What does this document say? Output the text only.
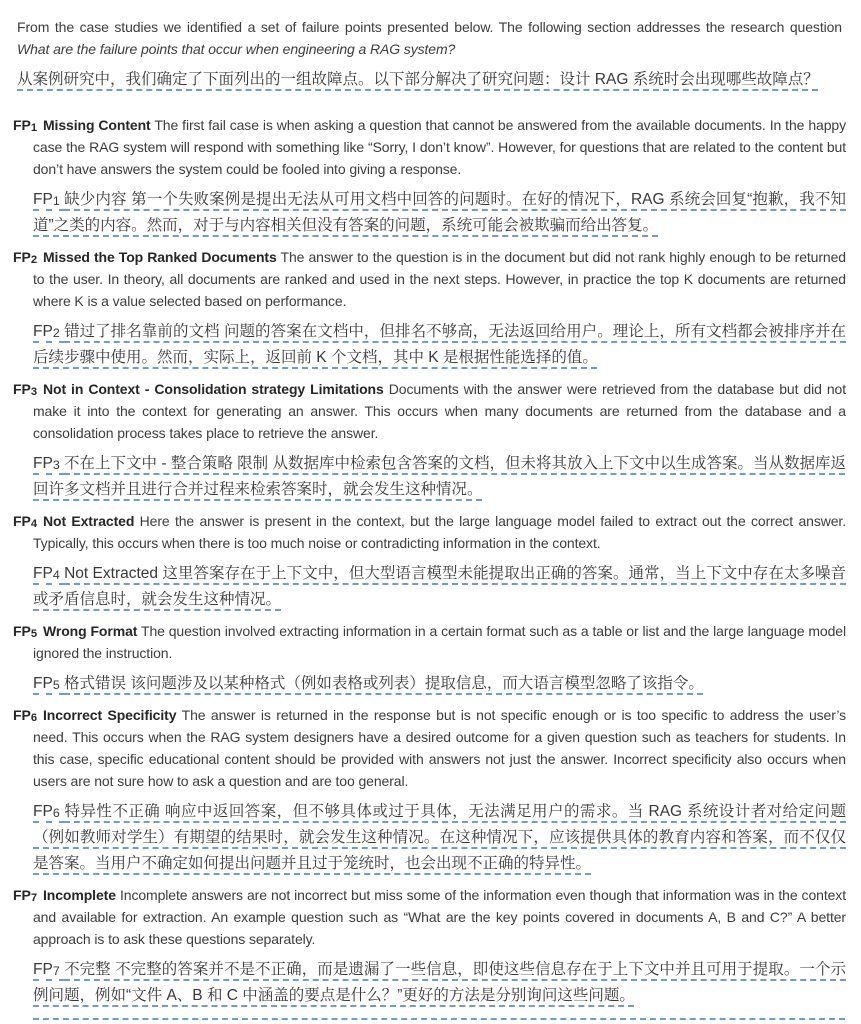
From the case studies we identified a set of failure points presented below. The following section addresses the research question What are the failure points that occur when engineering a RAG system?

从案例研究中，我们确定了下面列出的一组故障点。以下部分解决了研究问题：设计 RAG 系统时会出现哪些故障点？

FP1 Missing Content The first fail case is when asking a question that cannot be answered from the available documents. In the happy case the RAG system will respond with something like “Sorry, I don’t know”. However, for questions that are related to the content but don’t have answers the system could be fooled into giving a response.

FP1 缺少内容 第一个失败案例是提出无法从可用文档中回答的问题时。在好的情况下，RAG 系统会回复“抱歉，我不知道”之类的内容。然而，对于与内容相关但没有答案的问题，系统可能会被欺骗而给出答复。

FP2 Missed the Top Ranked Documents The answer to the question is in the document but did not rank highly enough to be returned to the user. In theory, all documents are ranked and used in the next steps. However, in practice the top K documents are returned where K is a value selected based on performance.

FP2 错过了排名靠前的文档 问题的答案在文档中，但排名不够高，无法返回给用户。理论上，所有文档都会被排序并在后续步骤中使用。然而，实际上，返回前 K 个文档，其中 K 是根据性能选择的值。

FP3 Not in Context - Consolidation strategy Limitations Documents with the answer were retrieved from the database but did not make it into the context for generating an answer. This occurs when many documents are returned from the database and a consolidation process takes place to retrieve the answer.

FP3 不在上下文中 - 整合策略 限制 从数据库中检索包含答案的文档，但未将其放入上下文中以生成答案。当从数据库返回许多文档并且进行合并过程来检索答案时，就会发生这种情况。

FP4 Not Extracted Here the answer is present in the context, but the large language model failed to extract out the correct answer. Typically, this occurs when there is too much noise or contradicting information in the context.

FP4 Not Extracted 这里答案存在于上下文中，但大型语言模型未能提取出正确的答案。通常，当上下文中存在太多噪音或矛盾信息时，就会发生这种情况。

FP5 Wrong Format The question involved extracting information in a certain format such as a table or list and the large language model ignored the instruction.

FP5 格式错误 该问题涉及以某种格式（例如表格或列表）提取信息，而大语言模型忽略了该指令。

FP6 Incorrect Specificity The answer is returned in the response but is not specific enough or is too specific to address the user’s need. This occurs when the RAG system designers have a desired outcome for a given question such as teachers for students. In this case, specific educational content should be provided with answers not just the answer. Incorrect specificity also occurs when users are not sure how to ask a question and are too general.

FP6 特异性不正确 响应中返回答案，但不够具体或过于具体，无法满足用户的需求。当 RAG 系统设计者对给定问题（例如教师对学生）有期望的结果时，就会发生这种情况。在这种情况下，应该提供具体的教育内容和答案，而不仅仅是答案。当用户不确定如何提出问题并且过于笼统时，也会出现不正确的特异性。

FP7 Incomplete Incomplete answers are not incorrect but miss some of the information even though that information was in the context and available for extraction. An example question such as “What are the key points covered in documents A, B and C?” A better approach is to ask these questions separately.

FP7 不完整 不完整的答案并不是不正确，而是遗漏了一些信息，即使这些信息存在于上下文中并且可用于提取。一个示例问题，例如“文件 A、B 和 C 中涵盖的要点是什么？”更好的方法是分别询问这些问题。
